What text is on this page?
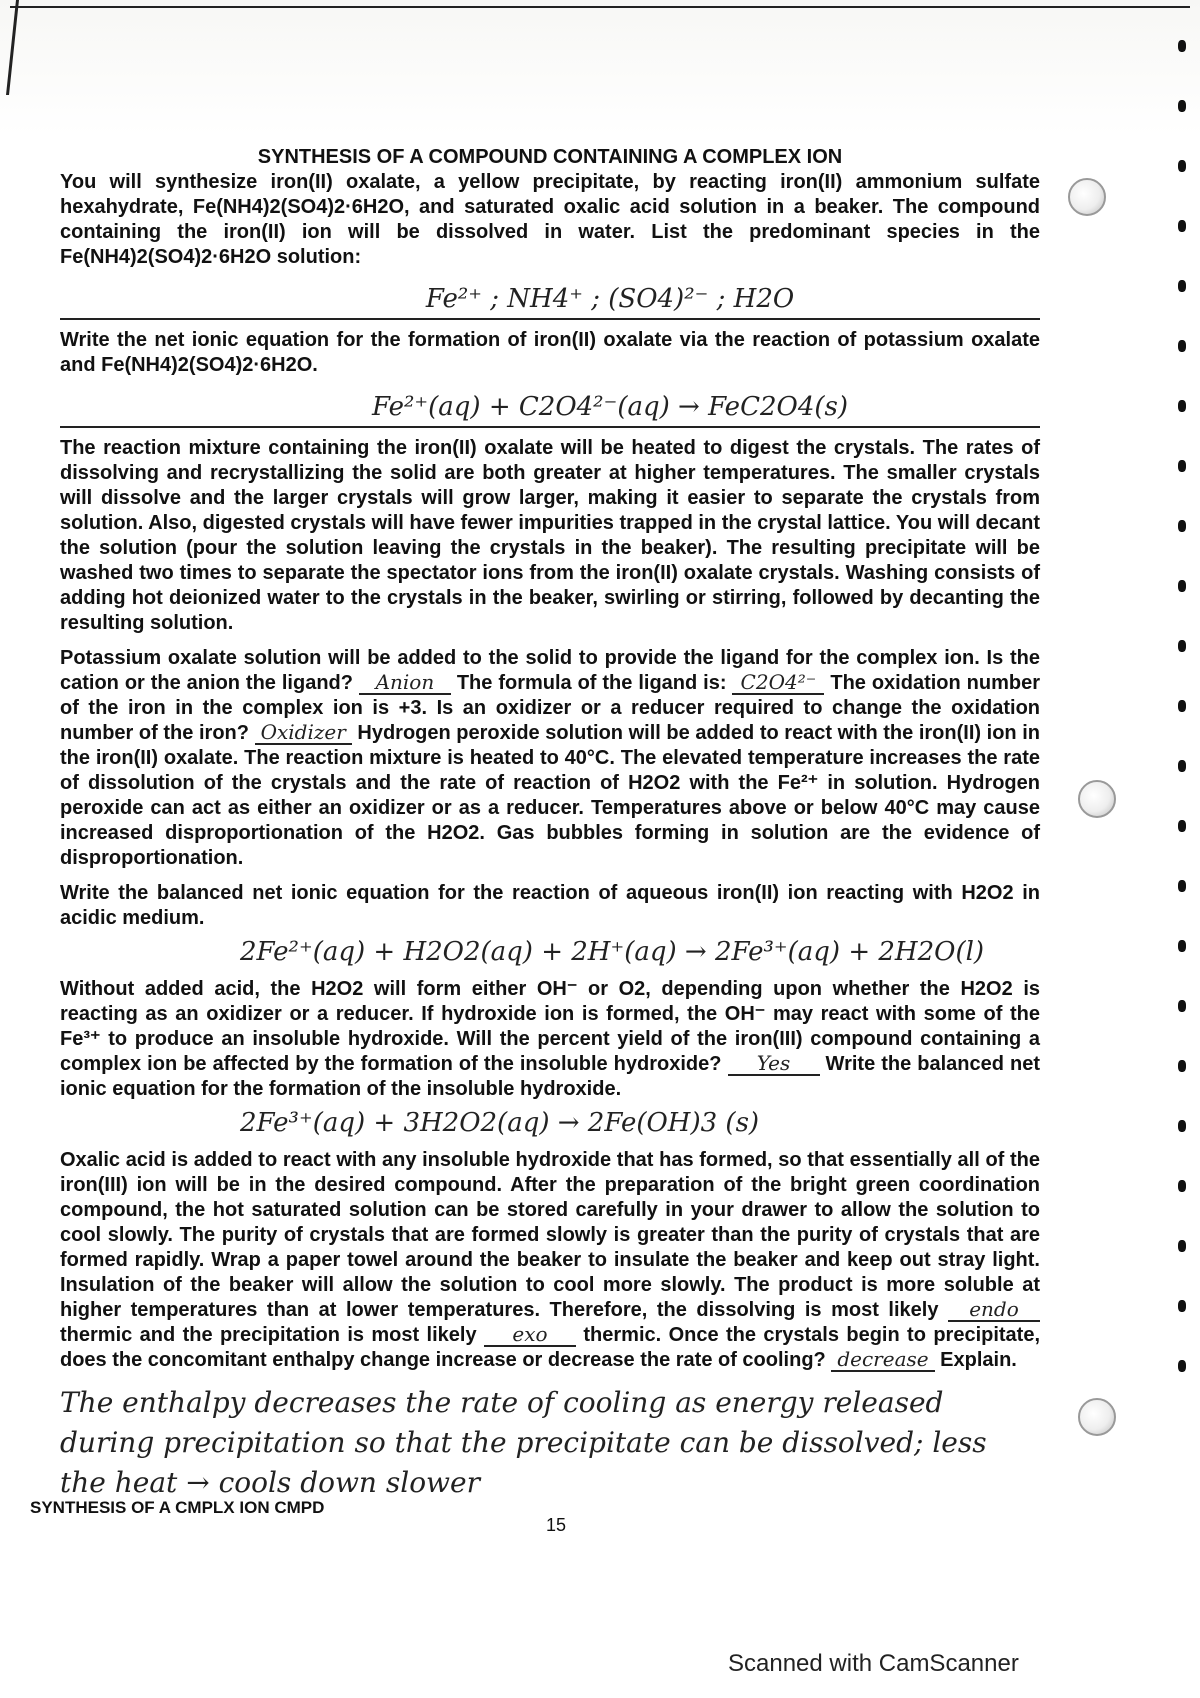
SYNTHESIS OF A COMPOUND CONTAINING A COMPLEX ION

You will synthesize iron(II) oxalate, a yellow precipitate, by reacting iron(II) ammonium sulfate hexahydrate, Fe(NH4)2(SO4)2·6H2O, and saturated oxalic acid solution in a beaker. The compound containing the iron(II) ion will be dissolved in water. List the predominant species in the Fe(NH4)2(SO4)2·6H2O solution:

Fe²⁺ ; NH4⁺ ; (SO4)²⁻ ; H2O

Write the net ionic equation for the formation of iron(II) oxalate via the reaction of potassium oxalate and Fe(NH4)2(SO4)2·6H2O.

Fe²⁺(aq) + C2O4²⁻(aq) → FeC2O4(s)

The reaction mixture containing the iron(II) oxalate will be heated to digest the crystals. The rates of dissolving and recrystallizing the solid are both greater at higher temperatures. The smaller crystals will dissolve and the larger crystals will grow larger, making it easier to separate the crystals from solution. Also, digested crystals will have fewer impurities trapped in the crystal lattice. You will decant the solution (pour the solution leaving the crystals in the beaker). The resulting precipitate will be washed two times to separate the spectator ions from the iron(II) oxalate crystals. Washing consists of adding hot deionized water to the crystals in the beaker, swirling or stirring, followed by decanting the resulting solution.

Potassium oxalate solution will be added to the solid to provide the ligand for the complex ion. Is the cation or the anion the ligand? Anion The formula of the ligand is: C2O4²⁻ The oxidation number of the iron in the complex ion is +3. Is an oxidizer or a reducer required to change the oxidation number of the iron? Oxidizer Hydrogen peroxide solution will be added to react with the iron(II) ion in the iron(II) oxalate. The reaction mixture is heated to 40°C. The elevated temperature increases the rate of dissolution of the crystals and the rate of reaction of H2O2 with the Fe²⁺ in solution. Hydrogen peroxide can act as either an oxidizer or as a reducer. Temperatures above or below 40°C may cause increased disproportionation of the H2O2. Gas bubbles forming in solution are the evidence of disproportionation.

Write the balanced net ionic equation for the reaction of aqueous iron(II) ion reacting with H2O2 in acidic medium.

2Fe²⁺(aq) + H2O2(aq) + 2H⁺(aq) → 2Fe³⁺(aq) + 2H2O(l)

Without added acid, the H2O2 will form either OH⁻ or O2, depending upon whether the H2O2 is reacting as an oxidizer or a reducer. If hydroxide ion is formed, the OH⁻ may react with some of the Fe³⁺ to produce an insoluble hydroxide. Will the percent yield of the iron(III) compound containing a complex ion be affected by the formation of the insoluble hydroxide? Yes Write the balanced net ionic equation for the formation of the insoluble hydroxide.

2Fe³⁺(aq) + 3H2O2(aq) → 2Fe(OH)3 (s)

Oxalic acid is added to react with any insoluble hydroxide that has formed, so that essentially all of the iron(III) ion will be in the desired compound. After the preparation of the bright green coordination compound, the hot saturated solution can be stored carefully in your drawer to allow the solution to cool slowly. The purity of crystals that are formed slowly is greater than the purity of crystals that are formed rapidly. Wrap a paper towel around the beaker to insulate the beaker and keep out stray light. Insulation of the beaker will allow the solution to cool more slowly. The product is more soluble at higher temperatures than at lower temperatures. Therefore, the dissolving is most likely endo thermic and the precipitation is most likely exo thermic. Once the crystals begin to precipitate, does the concomitant enthalpy change increase or decrease the rate of cooling? decrease Explain.

The enthalpy decreases the rate of cooling as energy released during precipitation so that the precipitate can be dissolved; less the heat → cools down slower
SYNTHESIS OF A CMPLX ION CMPD
15
Scanned with CamScanner
